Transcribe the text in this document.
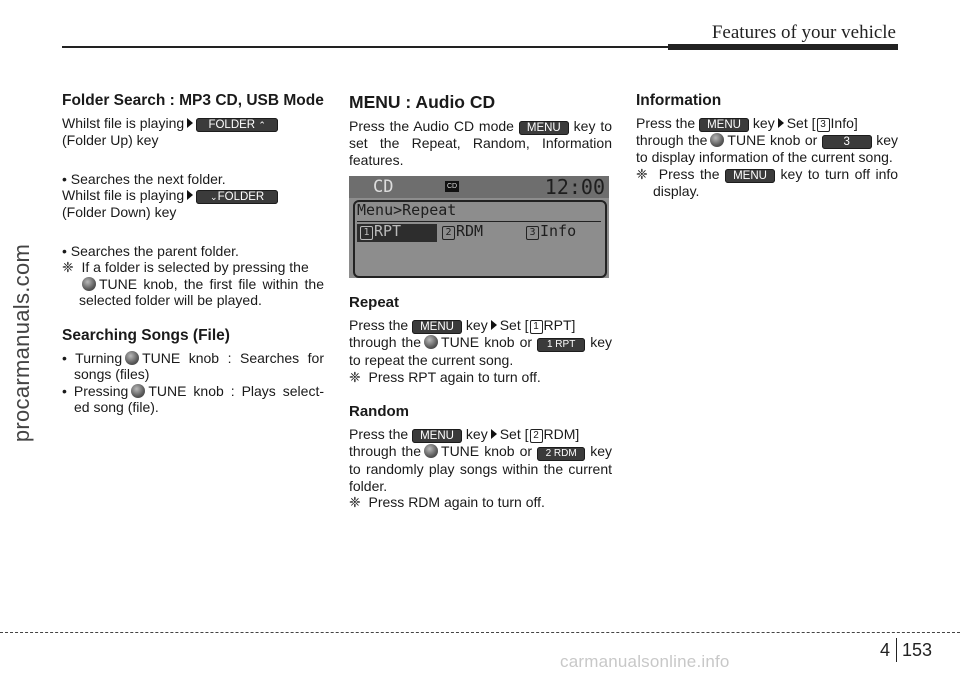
Features of your vehicle
procarmanuals.com
Folder Search : MP3 CD, USB Mode

Whilst file is playing FOLDER ⌃
(Folder Up) key

• Searches the next folder.

Whilst file is playing	⌄FOLDER
(Folder Down) key

• Searches the parent folder.

❈ If a folder is selected by pressing the
TUNE knob, the first file within the selected folder will be played.

Searching Songs (File)

• Turning TUNE knob : Searches for songs (files)

• Pressing TUNE knob : Plays select-ed song (file).

MENU : Audio CD

Press the Audio CD mode MENU key to set the Repeat, Random, Information features.

CD	CD	12:00
Menu>Repeat
1 RPT	2 RDM	3 Info
Repeat

Press the MENU key Set [ 1 RPT]
through the TUNE knob or 1 RPT key to repeat the current song.

❈ Press RPT again to turn off.

Random

Press the MENU key Set [ 2 RDM]
through the TUNE knob or 2 RDM key to randomly play songs within the current folder.

❈ Press RDM again to turn off.

Information

Press the MENU key Set [ 3 Info]
through the TUNE knob or 3 key to display information of the current song.

❈ Press the MENU key to turn off info display.

4 153
carmanualsonline.info
